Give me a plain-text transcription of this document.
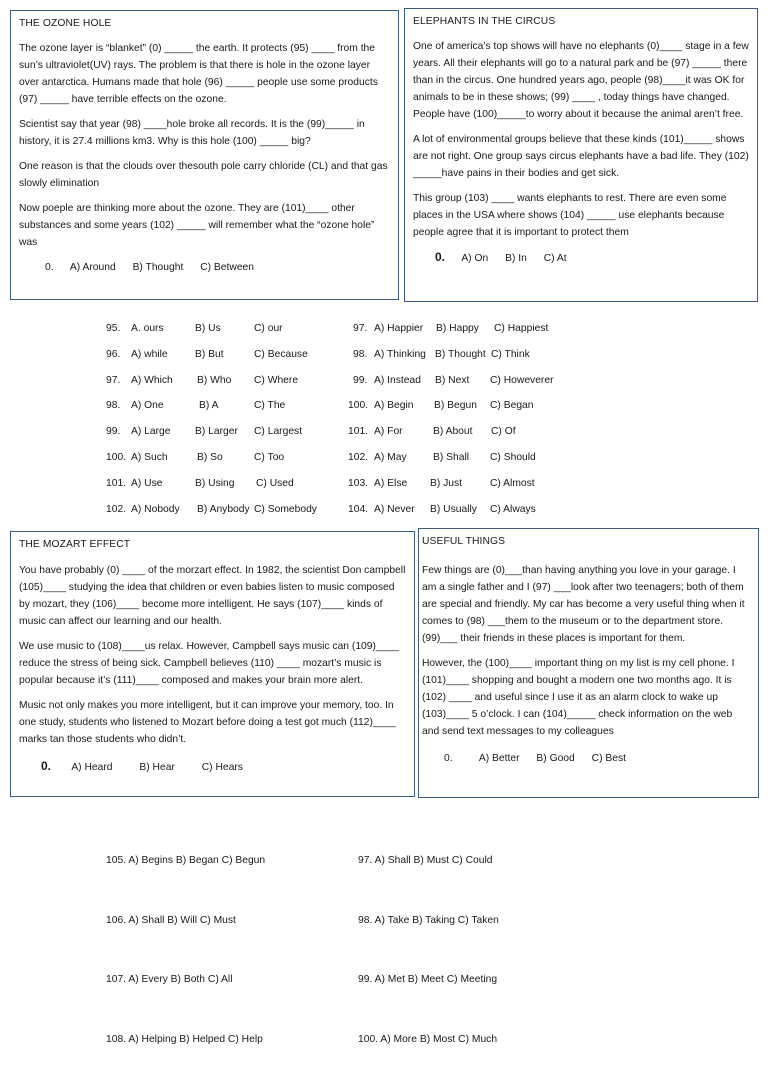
THE OZONE HOLE

The ozone layer is “blanket” (0) _____ the earth. It protects (95) ____ from the sun’s ultraviolet(UV) rays. The problem is that there is hole in the ozone layer over antarctica. Humans made that hole (96) _____ people use some products (97) _____ have terrible effects on the ozone.

Scientist say that year (98) ____hole broke all records. It is the (99)_____ in history, it is 27.4 millions km3. Why is this hole (100) _____ big?

One reason is that the clouds over thesouth pole carry chloride (CL) and that gas slowly elimination

Now poeple are thinking more about the ozone. They are (101)____ other substances and some years (102) _____ will remember what the “ozone hole” was

0. A) Around B) Thought C) Between
ELEPHANTS IN THE CIRCUS

One of america’s top shows will have no elephants (0)____ stage in a few years. All their elephants will go to a natural park and be (97) _____ there than in the circus. One hundred years ago, people (98)____it was OK for animals to be in these shows; (99) ____ , today things have changed. People have (100)_____to worry about it because the animal aren’t free.

A lot of environmental groups believe that these kinds (101)_____ shows are not right. One group says circus elephants have a bad life. They (102) _____have pains in their bodies and get sick.

This group (103) ____ wants elephants to rest. There are even some places in the USA where shows (104) _____ use elephants because people agree that it is important to protect them

0. A) On B) In C) At
95. A. ours	B) Us	C) our
96. A) while	B) But	C) Because
97. A) Which B) Who C) Where
98. A) One	B) A	C) The
99. A) Large B) Larger C) Largest
100. A) Such	B) So	C) Too
101. A) Use	B) Using C) Used
102. A) Nobody B) Anybody C) Somebody
97. A) Happier B) Happy C) Happiest
98. A) Thinking B) Thought C) Think
99. A) Instead B) Next C) Howeverer
100. A) Begin B) Begun C) Began
101. A) For	B) About C) Of
102. A) May	B) Shall C) Should
103. A) Else B) Just	C) Almost
104. A) Never B) Usually C) Always
THE MOZART EFFECT

You have probably (0) ____ of the morzart effect. In 1982, the scientist Don campbell (105)____ studying the idea that children or even babies listen to music composed by mozart, they (106)____ become more intelligent. He says (107)____ kinds of music can affect our learning and our health.

We use music to (108)____us relax. However, Campbell says music can (109)____ reduce the stress of being sick. Campbell believes (110) ____ mozart’s music is popular because it’s (111)____ composed and makes your brain more alert.

Music not only makes you more intelligent, but it can improve your memory, too. In one study, students who listened to Mozart before doing a test got much (112)____ marks tan those students who didn’t.

0. A) Heard	B) Hear	C) Hears
USEFUL THINGS

Few things are (0)___than having anything you love in your garage. I am a single father and I (97) ___look after two teenagers; both of them are special and friendly. My car has become a very useful thing when it comes to (98) ___them to the museum or to the department store. (99)___ their friends in these places is important for them.

However, the (100)____ important thing on my list is my cell phone. I (101)____ shopping and bought a modern one two months ago. It is (102) ____ and useful since I use it as an alarm clock to wake up (103)____ 5 o’clock. I can (104)_____ check information on the web and send text messages to my colleagues

0.	A) Better B) Good C) Best

105. A) Begins B) Began C) Begun

106. A) Shall B) Will C) Must

107. A) Every B) Both C) All

108. A) Helping B) Helped C) Help

97. A) Shall B) Must C) Could

98. A) Take B) Taking C) Taken

99. A) Met B) Meet C) Meeting

100. A) More B) Most C) Much
